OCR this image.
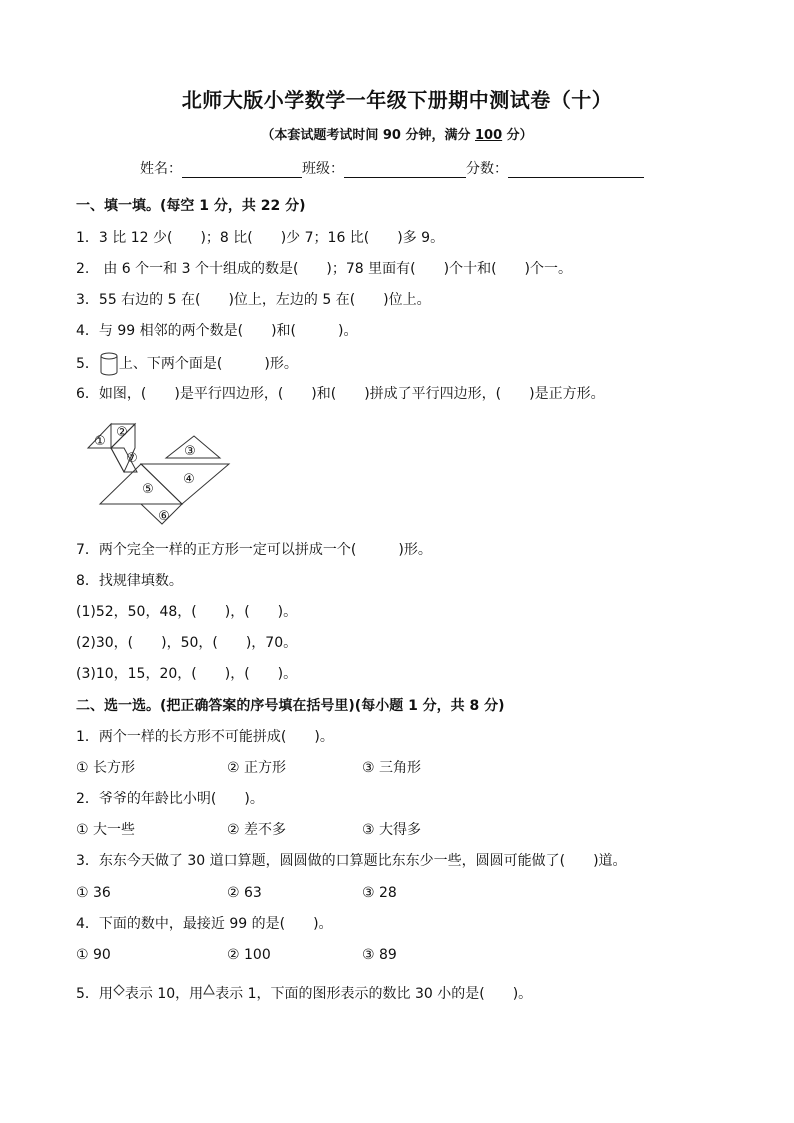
北师大版小学数学一年级下册期中测试卷（十）
（本套试题考试时间 90 分钟，满分 100 分）
姓名：	班级：	分数：
一、填一填。(每空 1 分，共 22 分)
1．3 比 12 少(　　)；8 比(　　)少 7；16 比(　　)多 9。
2.　由 6 个一和 3 个十组成的数是(　　)；78 里面有(　　)个十和(　　)个一。
3．55 右边的 5 在(　　)位上，左边的 5 在(　　)位上。
4．与 99 相邻的两个数是(　　)和(　　　)。
5． 上、下两个面是(　　　)形。
6．如图，(　　)是平行四边形，(　　)和(　　)拼成了平行四边形，(　　)是正方形。
①
②
③
④
⑤
⑥
⑦
7．两个完全一样的正方形一定可以拼成一个(　　　)形。
8．找规律填数。
(1)52，50，48，(　　)，(　　)。
(2)30，(　　)，50，(　　)，70。
(3)10，15，20，(　　)，(　　)。
二、选一选。(把正确答案的序号填在括号里)(每小题 1 分，共 8 分)
1．两个一样的长方形不可能拼成(　　)。
① 长方形	② 正方形	③ 三角形
2．爷爷的年龄比小明(　　)。
① 大一些	② 差不多	③ 大得多
3．东东今天做了 30 道口算题，圆圆做的口算题比东东少一些，圆圆可能做了(　　)道。
① 36	② 63	③ 28
4．下面的数中，最接近 99 的是(　　)。
① 90	② 100	③ 89
5．用 表示 10，用 表示 1，下面的图形表示的数比 30 小的是(　　)。
